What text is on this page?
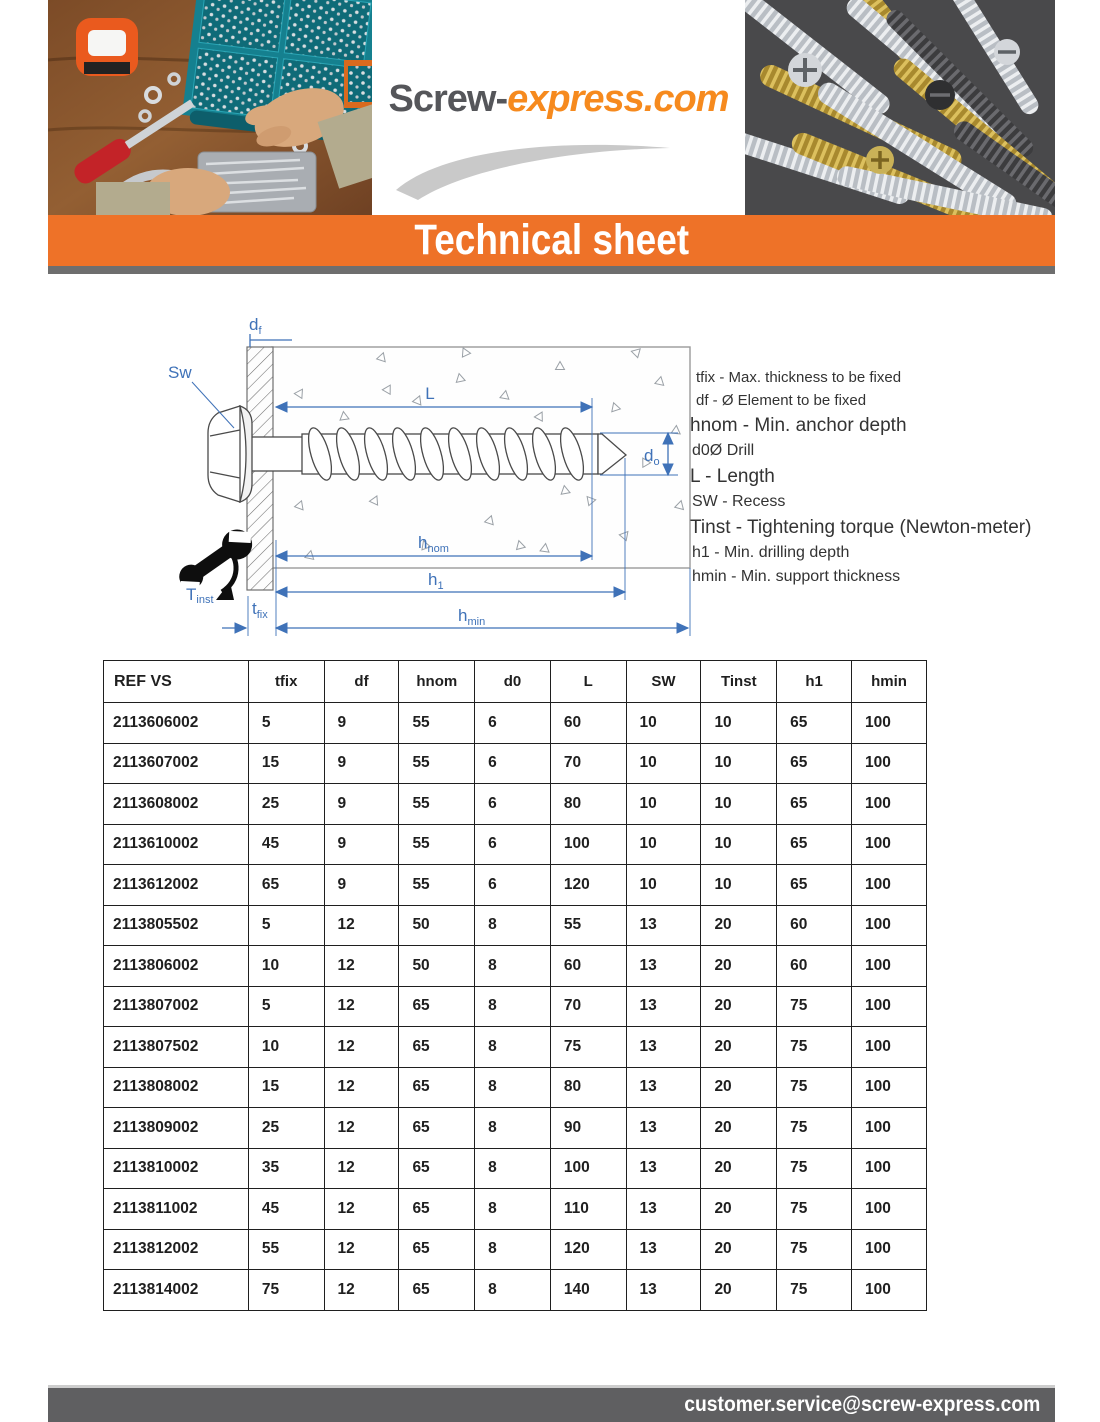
Screw-express.com
Technical sheet
Sw
$d_f$
L
$d_o$
$h_{nom}$
$h_1$
$h_{min}$
$t_{fix}$
Tinst
tfix - Max. thickness to be fixed
df - Ø Element to be fixed
hnom - Min. anchor depth
d0Ø Drill
L - Length
SW - Recess
Tinst - Tightening torque (Newton-meter)
h1 - Min. drilling depth
hmin - Min. support thickness
REF VS	tfix	df	hnom	d0	L	SW	Tinst	h1	hmin
2113606002	5	9	55	6	60	10	10	65	100
2113607002	15	9	55	6	70	10	10	65	100
2113608002	25	9	55	6	80	10	10	65	100
2113610002	45	9	55	6	100	10	10	65	100
2113612002	65	9	55	6	120	10	10	65	100
2113805502	5	12	50	8	55	13	20	60	100
2113806002	10	12	50	8	60	13	20	60	100
2113807002	5	12	65	8	70	13	20	75	100
2113807502	10	12	65	8	75	13	20	75	100
2113808002	15	12	65	8	80	13	20	75	100
2113809002	25	12	65	8	90	13	20	75	100
2113810002	35	12	65	8	100	13	20	75	100
2113811002	45	12	65	8	110	13	20	75	100
2113812002	55	12	65	8	120	13	20	75	100
2113814002	75	12	65	8	140	13	20	75	100
customer.service@screw-express.com
